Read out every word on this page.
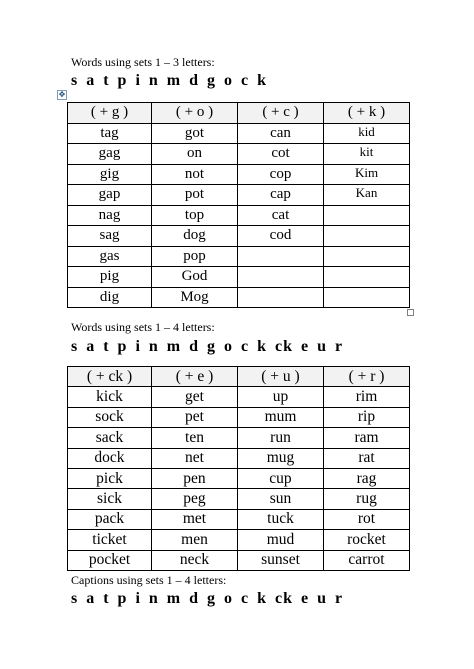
Words using sets 1 – 3 letters:
s a t p i n m d g o c k
✥
( + g )	( + o )	( + c )	( + k )
tag	got	can	kid
gag	on	cot	kit
gig	not	cop	Kim
gap	pot	cap	Kan
nag	top	cat	
sag	dog	cod	
gas	pop		
pig	God		
dig	Mog		
Words using sets 1 – 4 letters:
s a t p i n m d g o c k ck e u r
( + ck )	( + e )	( + u )	( + r )
kick	get	up	rim
sock	pet	mum	rip
sack	ten	run	ram
dock	net	mug	rat
pick	pen	cup	rag
sick	peg	sun	rug
pack	met	tuck	rot
ticket	men	mud	rocket
pocket	neck	sunset	carrot
Captions using sets 1 – 4 letters:
s a t p i n m d g o c k ck e u r
